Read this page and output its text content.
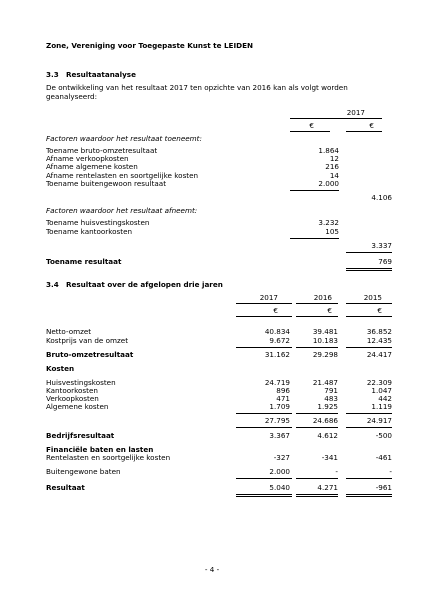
Zone, Vereniging voor Toegepaste Kunst te LEIDEN
3.3 Resultaatanalyse
De ontwikkeling van het resultaat 2017 ten opzichte van 2016 kan als volgt worden
geanalyseerd:
2017
€	€
Factoren waardoor het resultaat toeneemt:
Toename bruto-omzetresultaat	1.864
Afname verkoopkosten	12
Afname algemene kosten	216
Afname rentelasten en soortgelijke kosten	14
Toename buitengewoon resultaat	2.000
4.106
Factoren waardoor het resultaat afneemt:
Toename huisvestingskosten	3.232
Toename kantoorkosten	105
3.337
Toename resultaat	769
3.4 Resultaat over de afgelopen drie jaren
2017	2016	2015
€	€	€
Netto-omzet	40.834	39.481	36.852
Kostprijs van de omzet	9.672	10.183	12.435
Bruto-omzetresultaat	31.162	29.298	24.417
Kosten
Huisvestingskosten	24.719	21.487	22.309
Kantoorkosten	896	791	1.047
Verkoopkosten	471	483	442
Algemene kosten	1.709	1.925	1.119
27.795	24.686	24.917
Bedrijfsresultaat	3.367	4.612	-500
Financiële baten en lasten
Rentelasten en soortgelijke kosten	-327	-341	-461
Buitengewone baten	2.000	-	-
Resultaat	5.040	4.271	-961
- 4 -
